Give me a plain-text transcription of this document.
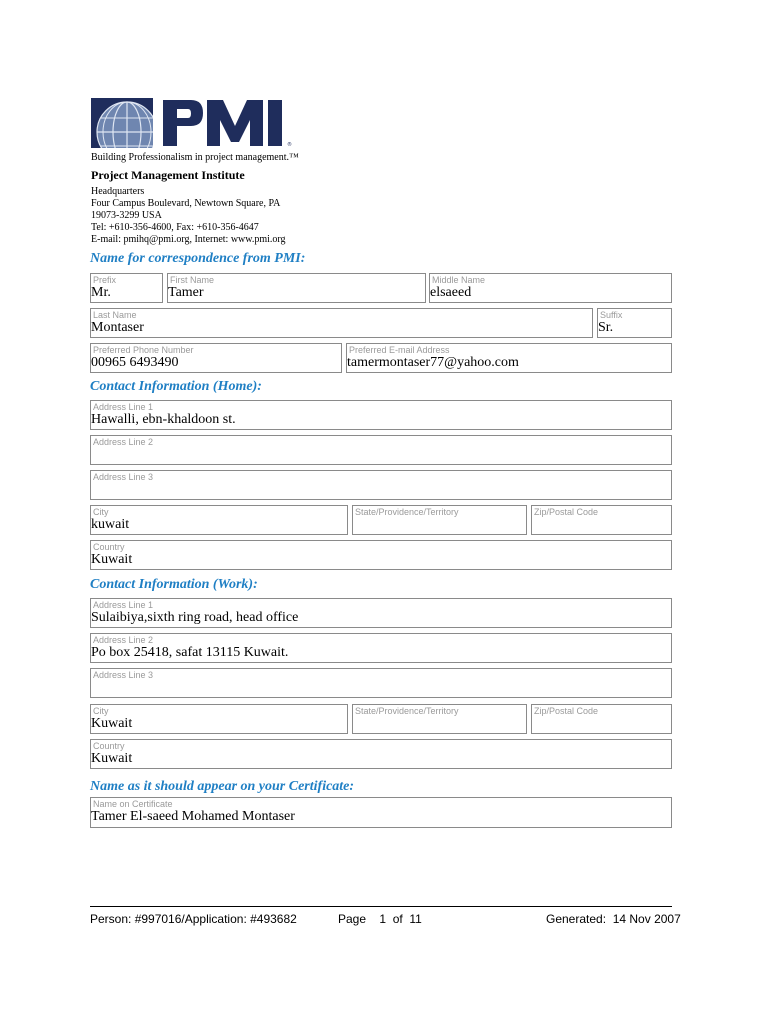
®
Building Professionalism in project management.™
Project Management Institute
Headquarters
Four Campus Boulevard, Newtown Square, PA
19073-3299 USA
Tel: +610-356-4600, Fax: +610-356-4647
E-mail: pmihq@pmi.org, Internet: www.pmi.org
Name for correspondence from PMI:
Prefix
Mr.
First Name
Tamer
Middle Name
elsaeed
Last Name
Montaser
Suffix
Sr.
Preferred Phone Number
00965 6493490
Preferred E-mail Address
tamermontaser77@yahoo.com
Contact Information (Home):
Address Line 1
Hawalli, ebn-khaldoon st.
Address Line 2
Address Line 3
City
kuwait
State/Providence/Territory	Zip/Postal Code
Country
Kuwait
Contact Information (Work):
Address Line 1
Sulaibiya,sixth ring road, head office
Address Line 2
Po box 25418, safat 13115 Kuwait.
Address Line 3
City
Kuwait
State/Providence/Territory	Zip/Postal Code
Country
Kuwait
Name as it should appear on your Certificate:
Name on Certificate
Tamer El-saeed Mohamed Montaser
Person: #997016/Application: #493682	Page    1  of  11	Generated:  14 Nov 2007
